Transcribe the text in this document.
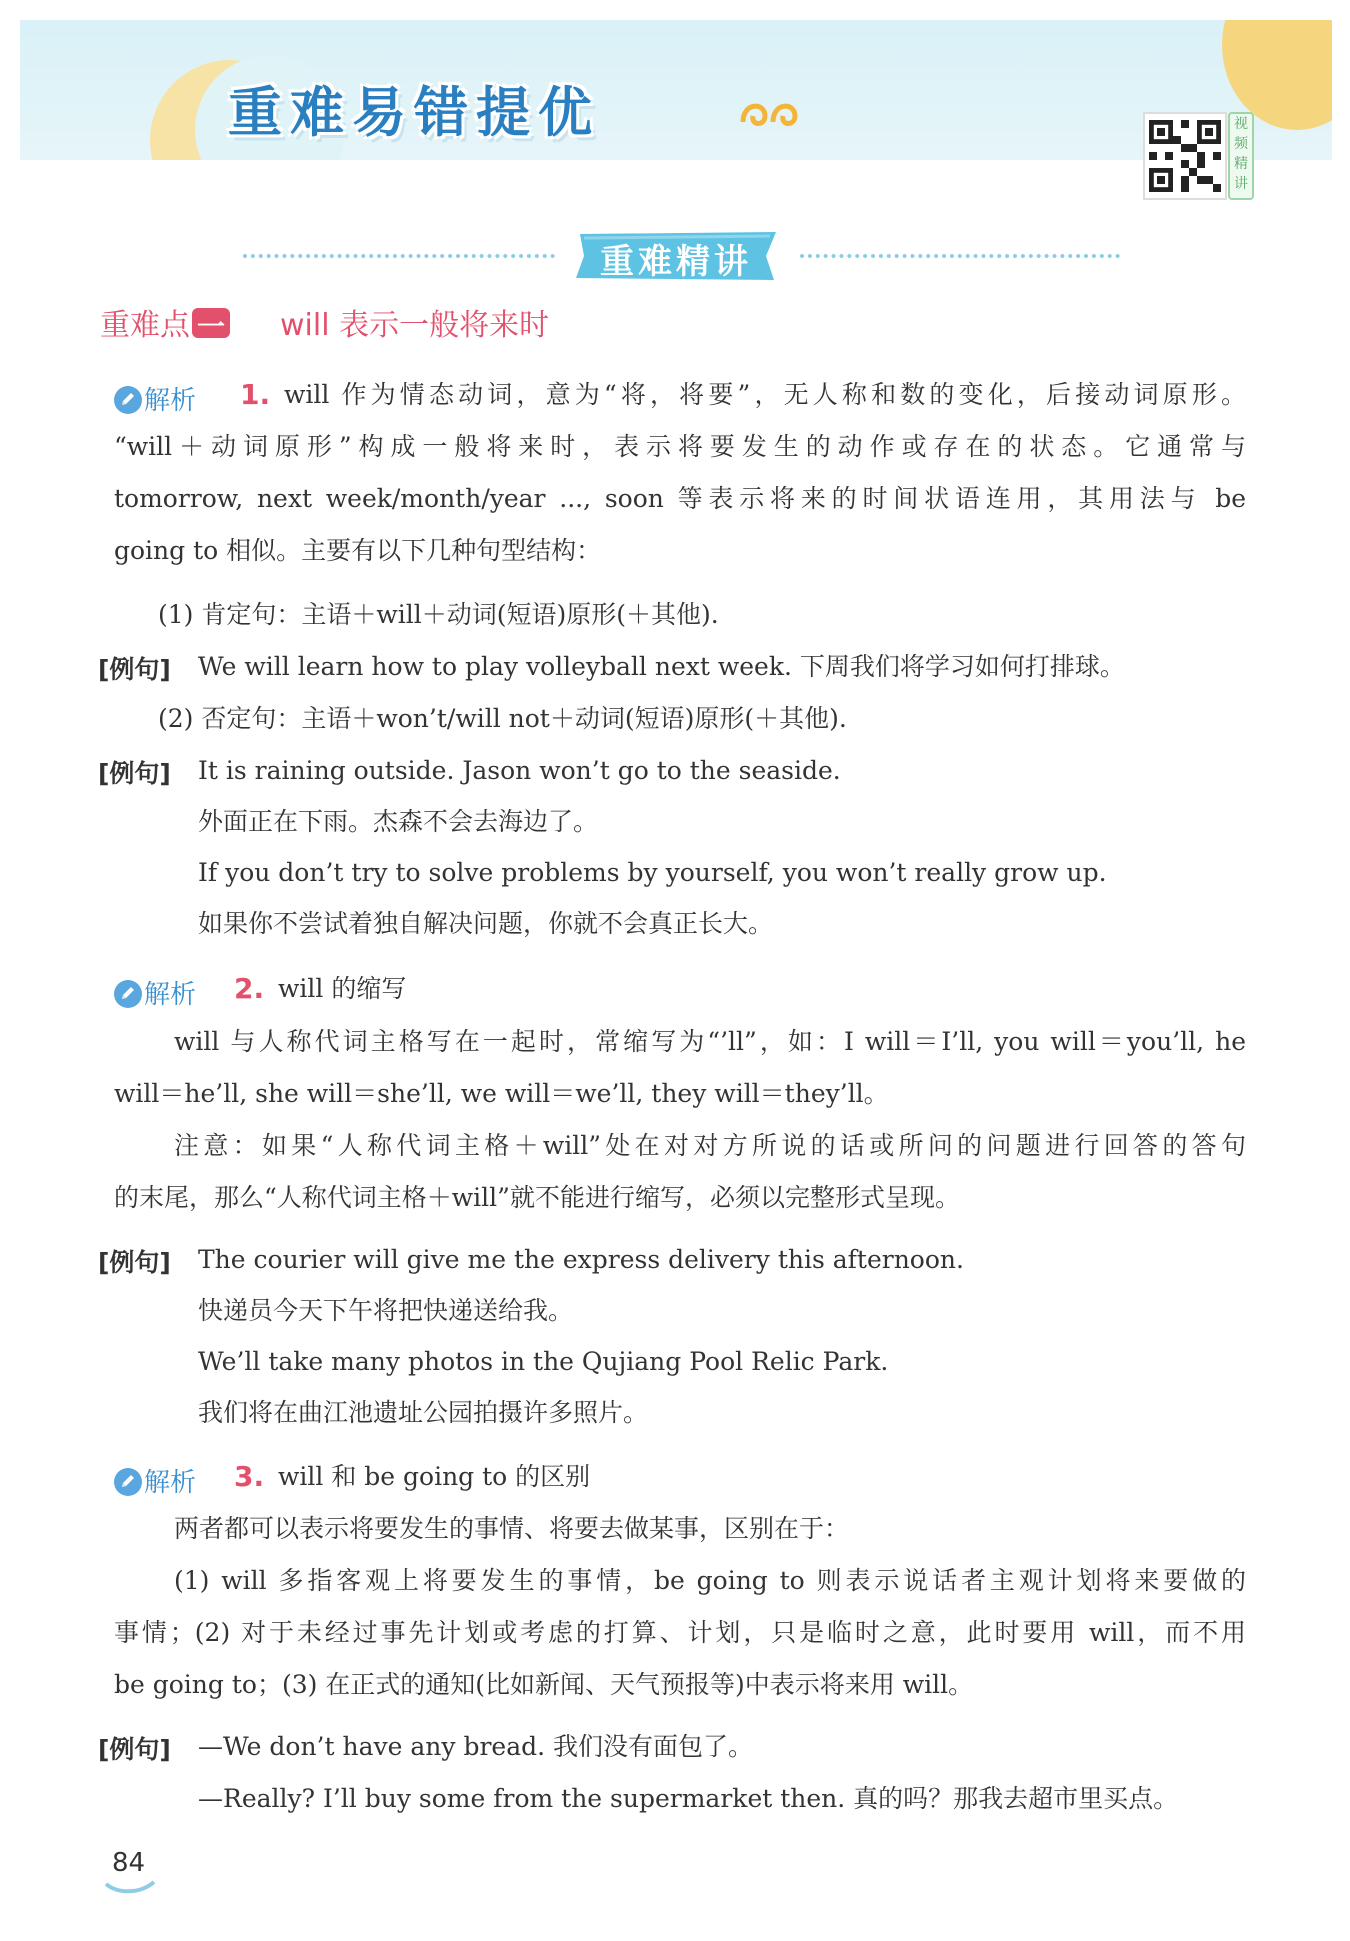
重难易错提优	视频精讲
重难精讲
重难点 一 will 表示一般将来时
解析 1. will 作为情态动词，意为“将，将要”，无人称和数的变化，后接动词原形。
“will＋动词原形”构成一般将来时，表示将要发生的动作或存在的状态。它通常与
tomorrow, next week/month/year ..., soon 等表示将来的时间状语连用，其用法与 be
going to 相似。主要有以下几种句型结构：
(1) 肯定句：主语＋will＋动词(短语)原形(＋其他).
[例句] We will learn how to play volleyball next week. 下周我们将学习如何打排球。
(2) 否定句：主语＋won’t/will not＋动词(短语)原形(＋其他).
[例句] It is raining outside. Jason won’t go to the seaside.
外面正在下雨。杰森不会去海边了。
If you don’t try to solve problems by yourself, you won’t really grow up.
如果你不尝试着独自解决问题，你就不会真正长大。
解析 2. will 的缩写
will 与人称代词主格写在一起时，常缩写为“’ll”，如：I will＝I’ll, you will＝you’ll, he
will＝he’ll, she will＝she’ll, we will＝we’ll, they will＝they’ll。
注意：如果“人称代词主格＋will”处在对对方所说的话或所问的问题进行回答的答句
的末尾，那么“人称代词主格＋will”就不能进行缩写，必须以完整形式呈现。
[例句] The courier will give me the express delivery this afternoon.
快递员今天下午将把快递送给我。
We’ll take many photos in the Qujiang Pool Relic Park.
我们将在曲江池遗址公园拍摄许多照片。
解析 3. will 和 be going to 的区别
两者都可以表示将要发生的事情、将要去做某事，区别在于：
(1) will 多指客观上将要发生的事情，be going to 则表示说话者主观计划将来要做的
事情；(2) 对于未经过事先计划或考虑的打算、计划，只是临时之意，此时要用 will，而不用
be going to；(3) 在正式的通知(比如新闻、天气预报等)中表示将来用 will。
[例句] —We don’t have any bread. 我们没有面包了。
—Really? I’ll buy some from the supermarket then. 真的吗？那我去超市里买点。
84
